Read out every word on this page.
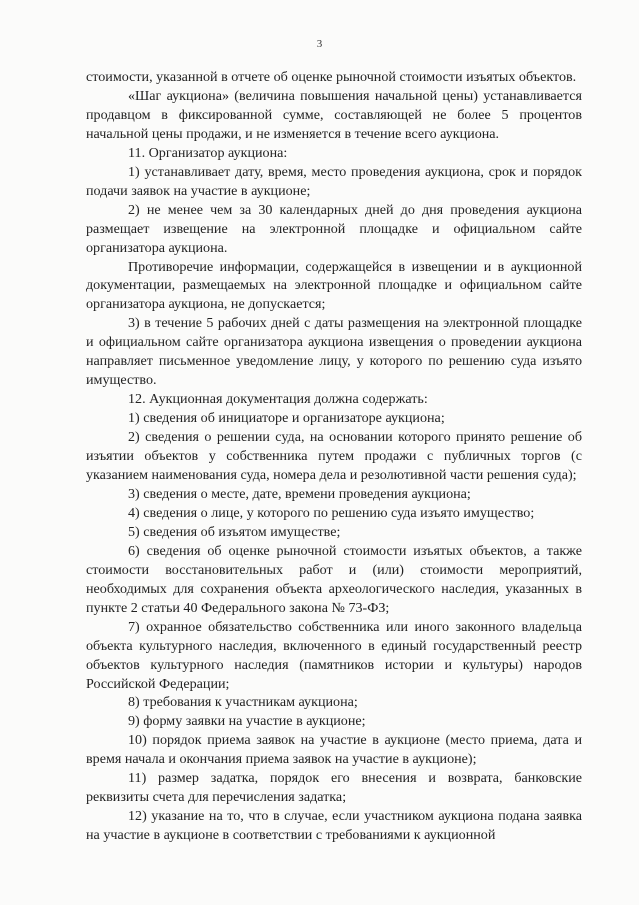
3

стоимости, указанной в отчете об оценке рыночной стоимости изъятых объектов.

«Шаг аукциона» (величина повышения начальной цены) устанавливается продавцом в фиксированной сумме, составляющей не более 5 процентов начальной цены продажи, и не изменяется в течение всего аукциона.

11. Организатор аукциона:

1) устанавливает дату, время, место проведения аукциона, срок и порядок подачи заявок на участие в аукционе;

2) не менее чем за 30 календарных дней до дня проведения аукциона размещает извещение на электронной площадке и официальном сайте организатора аукциона.

Противоречие информации, содержащейся в извещении и в аукционной документации, размещаемых на электронной площадке и официальном сайте организатора аукциона, не допускается;

3) в течение 5 рабочих дней с даты размещения на электронной площадке и официальном сайте организатора аукциона извещения о проведении аукциона направляет письменное уведомление лицу, у которого по решению суда изъято имущество.

12. Аукционная документация должна содержать:

1) сведения об инициаторе и организаторе аукциона;

2) сведения о решении суда, на основании которого принято решение об изъятии объектов у собственника путем продажи с публичных торгов (с указанием наименования суда, номера дела и резолютивной части решения суда);

3) сведения о месте, дате, времени проведения аукциона;

4) сведения о лице, у которого по решению суда изъято имущество;

5) сведения об изъятом имуществе;

6) сведения об оценке рыночной стоимости изъятых объектов, а также стоимости восстановительных работ и (или) стоимости мероприятий, необходимых для сохранения объекта археологического наследия, указанных в пункте 2 статьи 40 Федерального закона № 73-ФЗ;

7) охранное обязательство собственника или иного законного владельца объекта культурного наследия, включенного в единый государственный реестр объектов культурного наследия (памятников истории и культуры) народов Российской Федерации;

8) требования к участникам аукциона;

9) форму заявки на участие в аукционе;

10) порядок приема заявок на участие в аукционе (место приема, дата и время начала и окончания приема заявок на участие в аукционе);

11) размер задатка, порядок его внесения и возврата, банковские реквизиты счета для перечисления задатка;

12) указание на то, что в случае, если участником аукциона подана заявка на участие в аукционе в соответствии с требованиями к аукционной
